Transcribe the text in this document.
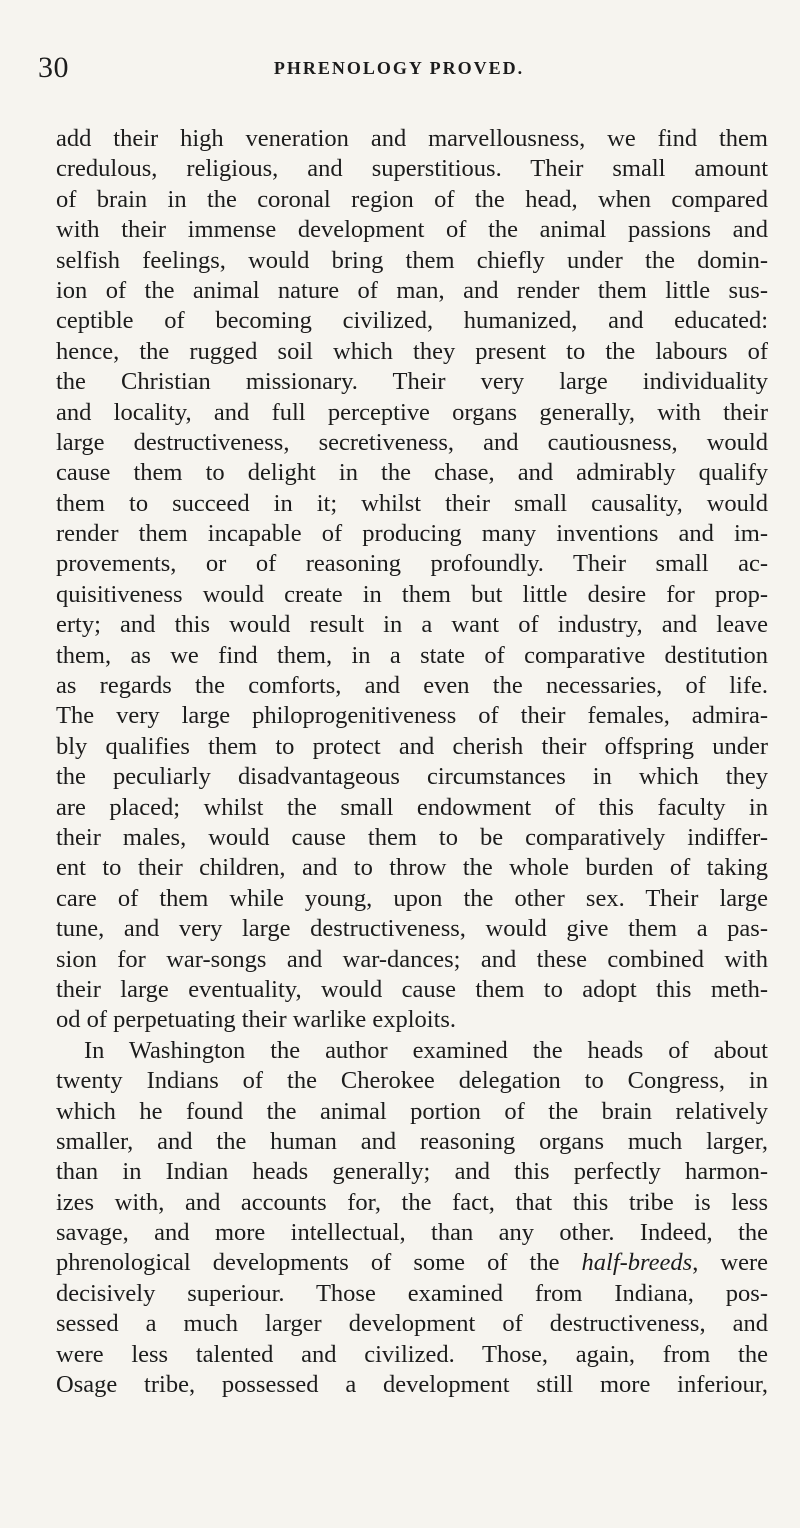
30	PHRENOLOGY PROVED.
add their high veneration and marvellousness, we find them
credulous, religious, and superstitious. Their small amount
of brain in the coronal region of the head, when compared
with their immense development of the animal passions and
selfish feelings, would bring them chiefly under the domin-
ion of the animal nature of man, and render them little sus-
ceptible of becoming civilized, humanized, and educated:
hence, the rugged soil which they present to the labours of
the Christian missionary. Their very large individuality
and locality, and full perceptive organs generally, with their
large destructiveness, secretiveness, and cautiousness, would
cause them to delight in the chase, and admirably qualify
them to succeed in it; whilst their small causality, would
render them incapable of producing many inventions and im-
provements, or of reasoning profoundly. Their small ac-
quisitiveness would create in them but little desire for prop-
erty; and this would result in a want of industry, and leave
them, as we find them, in a state of comparative destitution
as regards the comforts, and even the necessaries, of life.
The very large philoprogenitiveness of their females, admira-
bly qualifies them to protect and cherish their offspring under
the peculiarly disadvantageous circumstances in which they
are placed; whilst the small endowment of this faculty in
their males, would cause them to be comparatively indiffer-
ent to their children, and to throw the whole burden of taking
care of them while young, upon the other sex. Their large
tune, and very large destructiveness, would give them a pas-
sion for war-songs and war-dances; and these combined with
their large eventuality, would cause them to adopt this meth-
od of perpetuating their warlike exploits.
In Washington the author examined the heads of about
twenty Indians of the Cherokee delegation to Congress, in
which he found the animal portion of the brain relatively
smaller, and the human and reasoning organs much larger,
than in Indian heads generally; and this perfectly harmon-
izes with, and accounts for, the fact, that this tribe is less
savage, and more intellectual, than any other. Indeed, the
phrenological developments of some of the half-breeds, were
decisively superiour. Those examined from Indiana, pos-
sessed a much larger development of destructiveness, and
were less talented and civilized. Those, again, from the
Osage tribe, possessed a development still more inferiour,
